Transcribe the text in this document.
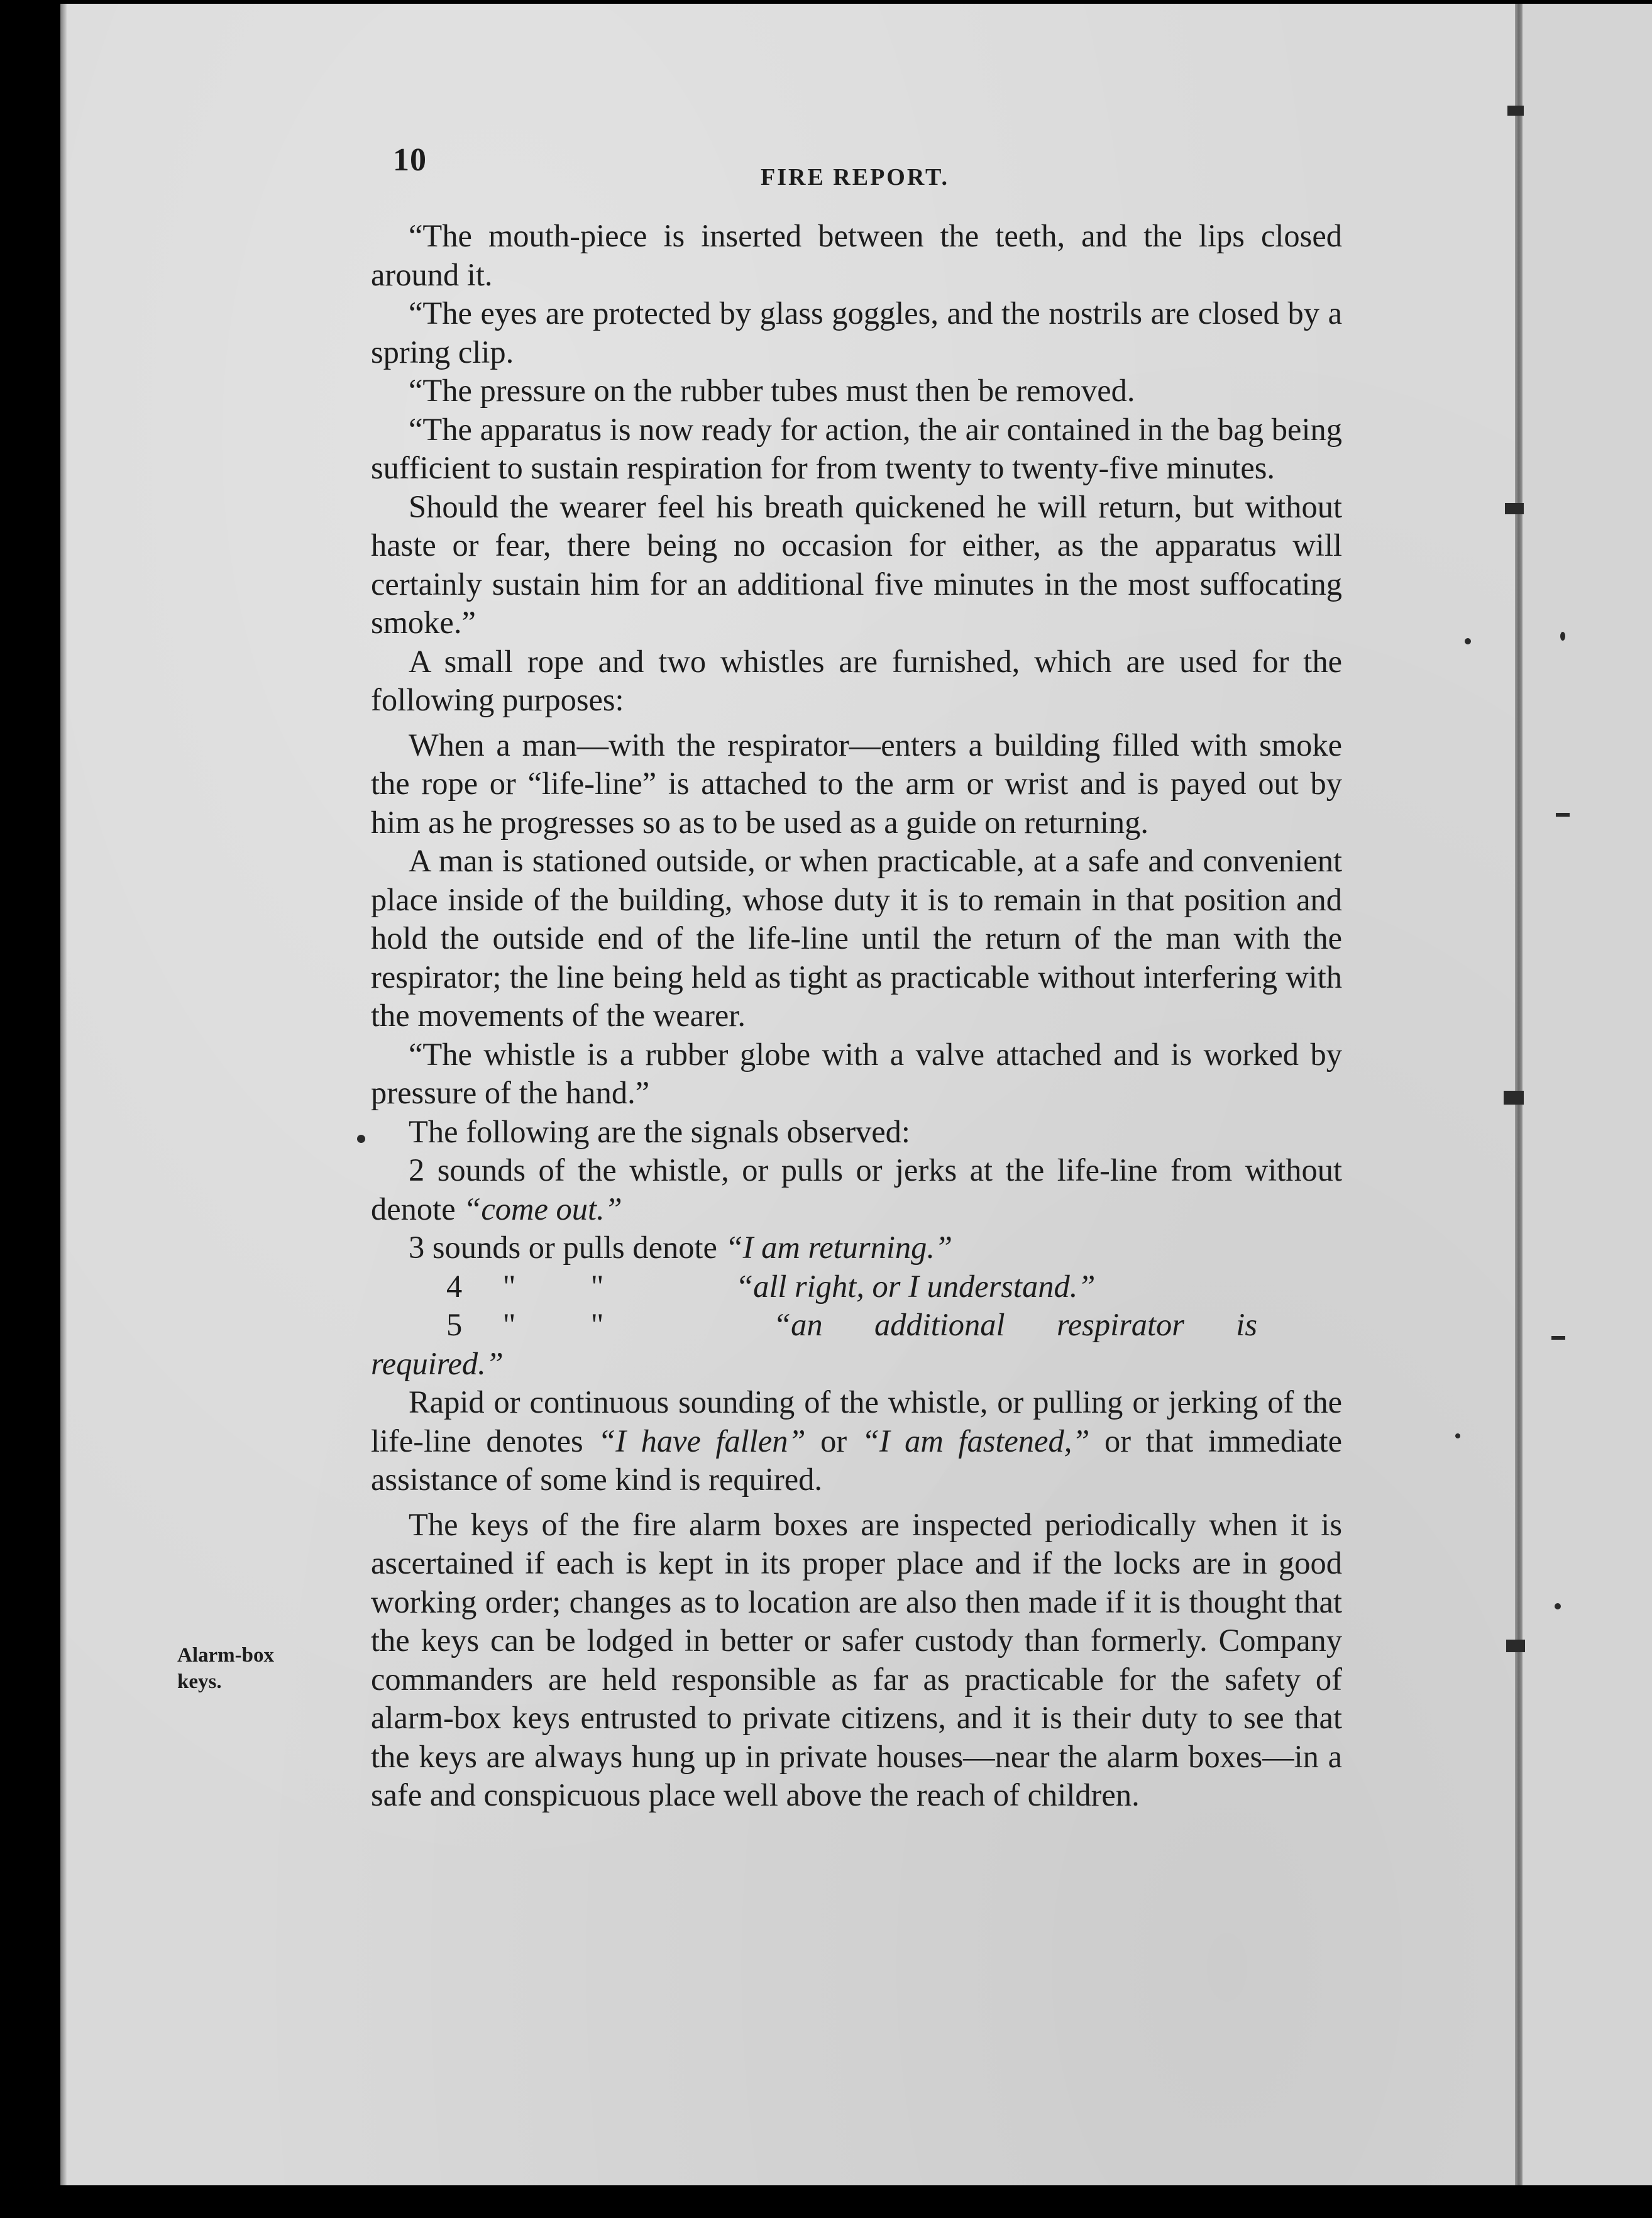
10	FIRE REPORT.
Alarm-box
keys.

“The mouth-piece is inserted between the teeth, and the lips closed around it.

“The eyes are protected by glass goggles, and the nostrils are closed by a spring clip.

“The pressure on the rubber tubes must then be removed.

“The apparatus is now ready for action, the air contained in the bag being sufficient to sustain respiration for from twenty to twenty-five minutes.

Should the wearer feel his breath quickened he will return, but without haste or fear, there being no occasion for either, as the apparatus will certainly sustain him for an additional five minutes in the most suffocating smoke.”

A small rope and two whistles are furnished, which are used for the following purposes:

When a man—with the respirator—enters a building filled with smoke the rope or “life-line” is attached to the arm or wrist and is payed out by him as he progresses so as to be used as a guide on returning.

A man is stationed outside, or when practicable, at a safe and convenient place inside of the building, whose duty it is to remain in that position and hold the outside end of the life-line until the return of the man with the respirator; the line being held as tight as practicable without interfering with the movements of the wearer.

“The whistle is a rubber globe with a valve attached and is worked by pressure of the hand.”

The following are the signals observed:

2 sounds of the whistle, or pulls or jerks at the life-line from without denote “come out.”

3 sounds or pulls denote “I am returning.”

4 " "	“all right, or I understand.”

5 " "	“an additional respirator is

required.”

Rapid or continuous sounding of the whistle, or pulling or jerking of the life-line denotes “I have fallen” or “I am fastened,” or that immediate assistance of some kind is required.

The keys of the fire alarm boxes are inspected periodically when it is ascertained if each is kept in its proper place and if the locks are in good working order; changes as to location are also then made if it is thought that the keys can be lodged in better or safer custody than formerly. Company commanders are held responsible as far as practicable for the safety of alarm-box keys entrusted to private citizens, and it is their duty to see that the keys are always hung up in private houses—near the alarm boxes—in a safe and conspicuous place well above the reach of children.
